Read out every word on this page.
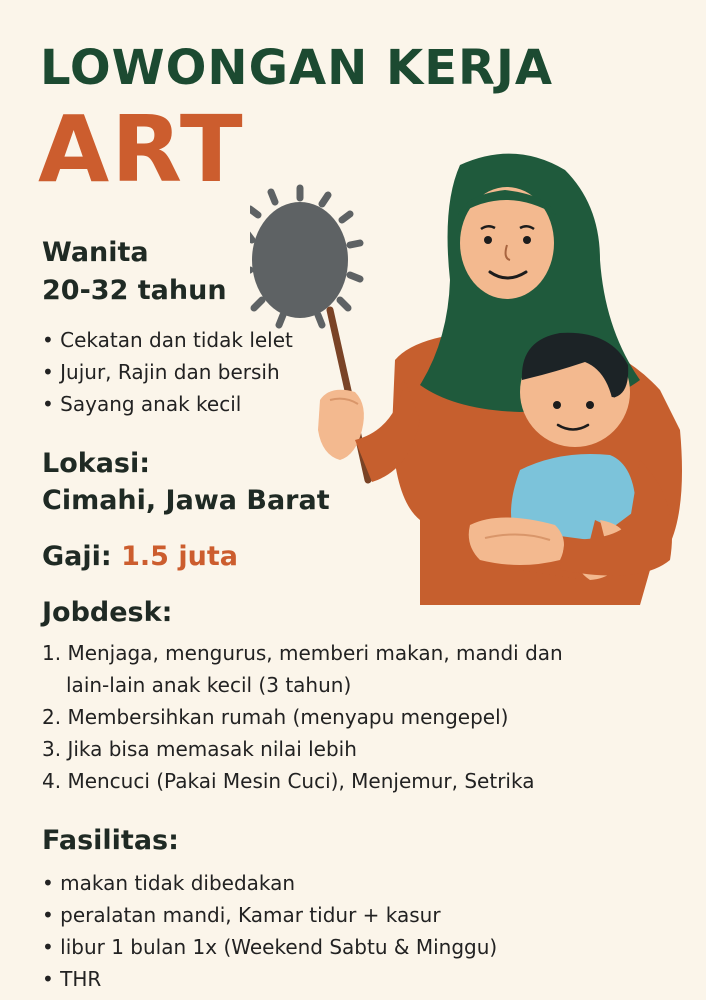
LOWONGAN KERJA
ART
Wanita
20-32 tahun
• Cekatan dan tidak lelet
• Jujur, Rajin dan bersih
• Sayang anak kecil
Lokasi:
Cimahi, Jawa Barat
Gaji: 1.5 juta
Jobdesk:
1. Menjaga, mengurus, memberi makan, mandi dan
lain-lain anak kecil (3 tahun)
2. Membersihkan rumah (menyapu mengepel)
3. Jika bisa memasak nilai lebih
4. Mencuci (Pakai Mesin Cuci), Menjemur, Setrika
Fasilitas:
• makan tidak dibedakan
• peralatan mandi, Kamar tidur + kasur
• libur 1 bulan 1x (Weekend Sabtu & Minggu)
• THR
